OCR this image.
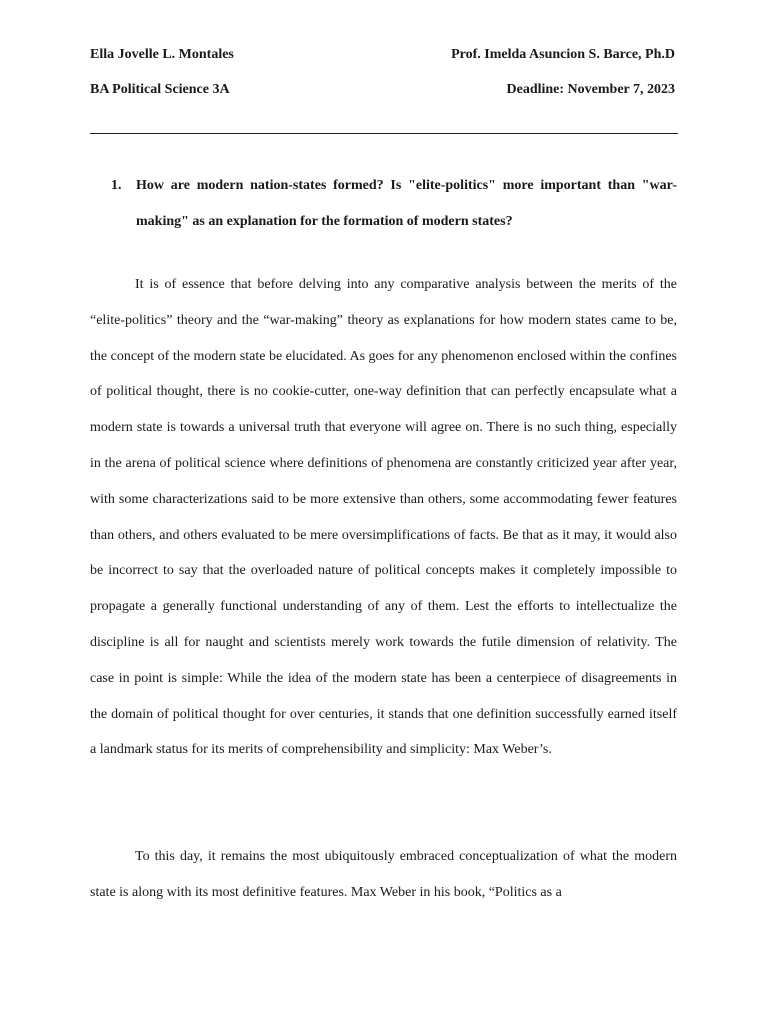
Ella Jovelle L. Montales	Prof. Imelda Asuncion S. Barce, Ph.D
BA Political Science 3A	Deadline: November 7, 2023
1. How are modern nation-states formed? Is "elite-politics" more important than "war-making" as an explanation for the formation of modern states?

It is of essence that before delving into any comparative analysis between the merits of the “elite-politics” theory and the “war-making” theory as explanations for how modern states came to be, the concept of the modern state be elucidated. As goes for any phenomenon enclosed within the confines of political thought, there is no cookie-cutter, one-way definition that can perfectly encapsulate what a modern state is towards a universal truth that everyone will agree on. There is no such thing, especially in the arena of political science where definitions of phenomena are constantly criticized year after year, with some characterizations said to be more extensive than others, some accommodating fewer features than others, and others evaluated to be mere oversimplifications of facts. Be that as it may, it would also be incorrect to say that the overloaded nature of political concepts makes it completely impossible to propagate a generally functional understanding of any of them. Lest the efforts to intellectualize the discipline is all for naught and scientists merely work towards the futile dimension of relativity. The case in point is simple: While the idea of the modern state has been a centerpiece of disagreements in the domain of political thought for over centuries, it stands that one definition successfully earned itself a landmark status for its merits of comprehensibility and simplicity: Max Weber’s.

To this day, it remains the most ubiquitously embraced conceptualization of what the modern state is along with its most definitive features. Max Weber in his book, “Politics as a
